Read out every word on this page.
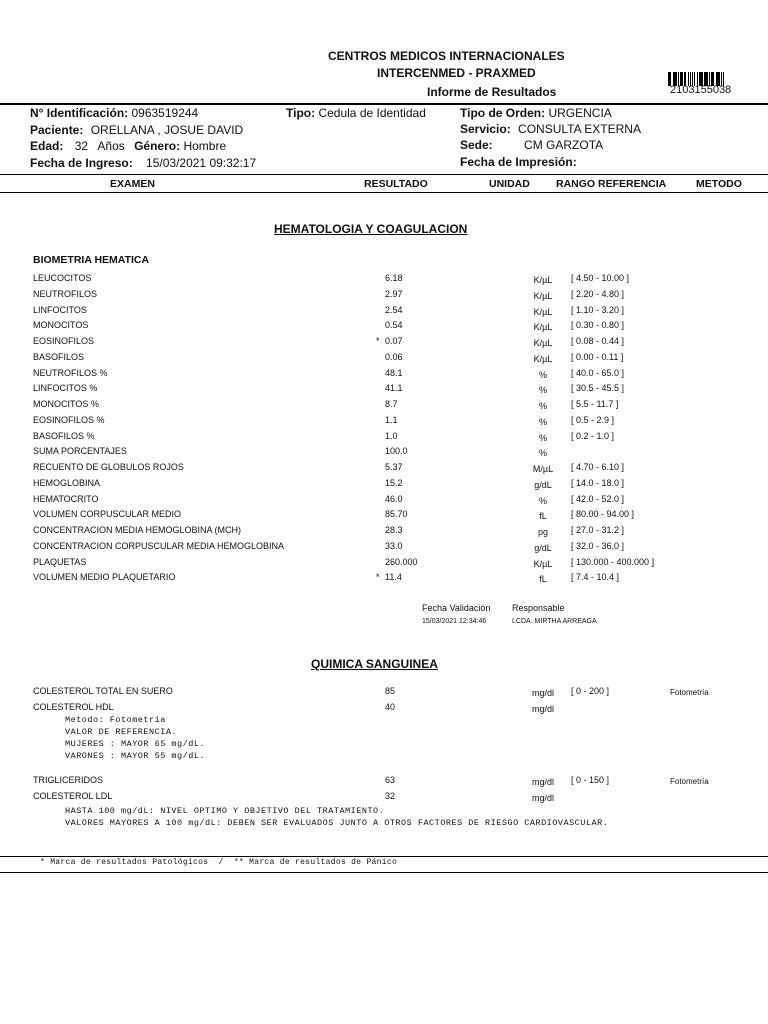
CENTROS MEDICOS INTERNACIONALES
INTERCENMED - PRAXMED
Informe de Resultados	2103155038
N° Identificación: 0963519244	Tipo: Cedula de Identidad
Paciente: ORELLANA , JOSUE DAVID
Edad: 32 Años Género: Hombre
Fecha de Ingreso: 15/03/2021 09:32:17
Tipo de Orden: URGENCIA
Servicio: CONSULTA EXTERNA
Sede:	CM GARZOTA
Fecha de Impresión:
EXAMEN	RESULTADO	UNIDAD RANGO REFERENCIA	METODO
HEMATOLOGIA Y COAGULACION
BIOMETRIA HEMATICA
LEUCOCITOS	6.18	K/µL	[ 4.50 - 10.00 ]
NEUTROFILOS	2.97	K/µL	[ 2.20 - 4.80 ]
LINFOCITOS	2.54	K/µL	[ 1.10 - 3.20 ]
MONOCITOS	0.54	K/µL	[ 0.30 - 0.80 ]
EOSINOFILOS	* 0.07	K/µL	[ 0.08 - 0.44 ]
BASOFILOS	0.06	K/µL	[ 0.00 - 0.11 ]
NEUTROFILOS %	48.1	%	[ 40.0 - 65.0 ]
LINFOCITOS %	41.1	%	[ 30.5 - 45.5 ]
MONOCITOS %	8.7	%	[ 5.5 - 11.7 ]
EOSINOFILOS %	1.1	%	[ 0.5 - 2.9 ]
BASOFILOS %	1.0	%	[ 0.2 - 1.0 ]
SUMA PORCENTAJES	100.0	%
RECUENTO DE GLOBULOS ROJOS	5.37	M/µL	[ 4.70 - 6.10 ]
HEMOGLOBINA	15.2	g/dL	[ 14.0 - 18.0 ]
HEMATOCRITO	46.0	%	[ 42.0 - 52.0 ]
VOLUMEN CORPUSCULAR MEDIO	85.70	fL	[ 80.00 - 94.00 ]
CONCENTRACION MEDIA HEMOGLOBINA (MCH)	28.3	pg	[ 27.0 - 31.2 ]
CONCENTRACION CORPUSCULAR MEDIA HEMOGLOBINA	33.0	g/dL	[ 32.0 - 36.0 ]
PLAQUETAS	260.000	K/µL	[ 130.000 - 400.000 ]
VOLUMEN MEDIO PLAQUETARIO	* 11.4	fL	[ 7.4 - 10.4 ]
Fecha Validación Responsable
15/03/2021 12:34:46	LCDA. MIRTHA ARREAGA
QUIMICA SANGUINEA
COLESTEROL TOTAL EN SUERO	85	mg/dl	[ 0 - 200 ]	Fotometría
COLESTEROL HDL	40	mg/dl
TRIGLICERIDOS	63	mg/dl	[ 0 - 150 ]	Fotometría
COLESTEROL LDL	32	mg/dl
Metodo: Fotometría
VALOR DE REFERENCIA.
MUJERES : MAYOR 65 mg/dL.
VARONES : MAYOR 55 mg/dL.
HASTA 100 mg/dL: NIVEL OPTIMO Y OBJETIVO DEL TRATAMIENTO.
VALORES MAYORES A 100 mg/dL: DEBEN SER EVALUADOS JUNTO A OTROS FACTORES DE RIESGO CARDIOVASCULAR.
* Marca de resultados Patológicos  /  ** Marca de resultados de Pánico
